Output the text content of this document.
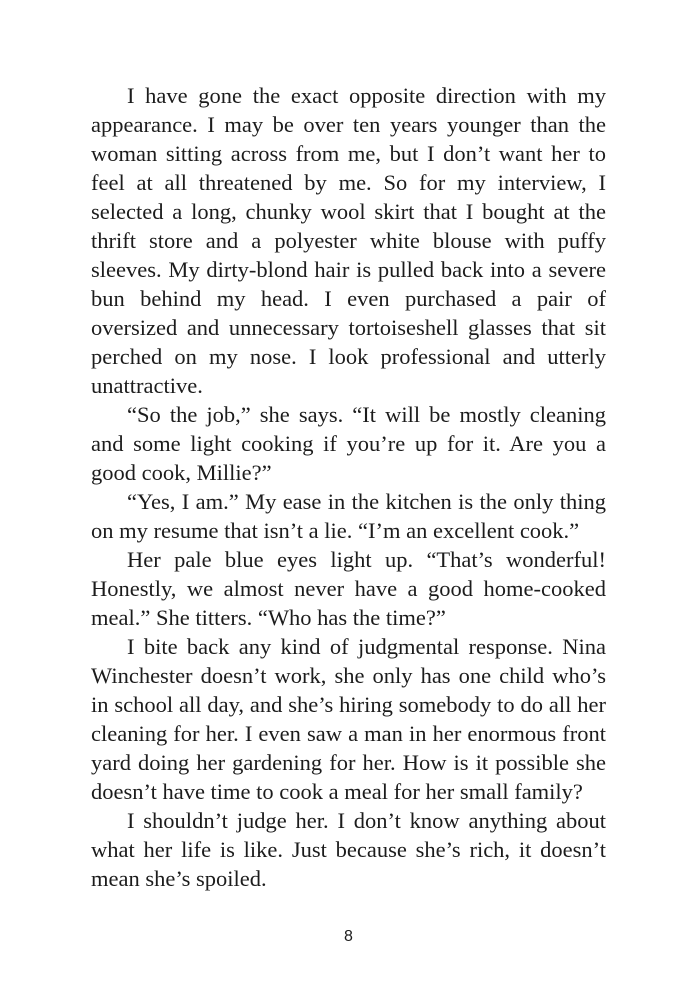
I have gone the exact opposite direction with my appearance. I may be over ten years younger than the woman sitting across from me, but I don’t want her to feel at all threatened by me. So for my interview, I selected a long, chunky wool skirt that I bought at the thrift store and a polyester white blouse with puffy sleeves. My dirty-blond hair is pulled back into a severe bun behind my head. I even purchased a pair of oversized and unnecessary tortoiseshell glasses that sit perched on my nose. I look professional and utterly unattractive.

“So the job,” she says. “It will be mostly cleaning and some light cooking if you’re up for it. Are you a good cook, Millie?”

“Yes, I am.” My ease in the kitchen is the only thing on my resume that isn’t a lie. “I’m an excellent cook.”

Her pale blue eyes light up. “That’s wonderful! Honestly, we almost never have a good home-cooked meal.” She titters. “Who has the time?”

I bite back any kind of judgmental response. Nina Winchester doesn’t work, she only has one child who’s in school all day, and she’s hiring somebody to do all her cleaning for her. I even saw a man in her enormous front yard doing her gardening for her. How is it possible she doesn’t have time to cook a meal for her small family?

I shouldn’t judge her. I don’t know anything about what her life is like. Just because she’s rich, it doesn’t mean she’s spoiled.

8
